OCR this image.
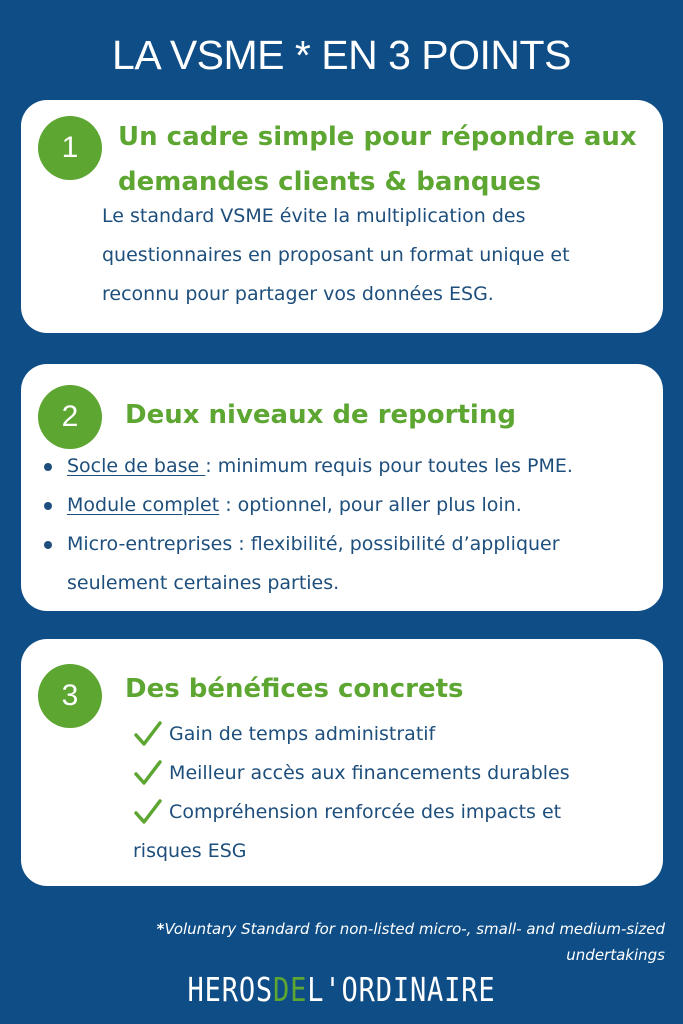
LA VSME * EN 3 POINTS
1	Un cadre simple pour répondre aux
demandes clients & banques
Le standard VSME évite la multiplication des questionnaires en proposant un format unique et reconnu pour partager vos données ESG.
2	Deux niveaux de reporting
Socle de base : minimum requis pour toutes les PME.
Module complet : optionnel, pour aller plus loin.
Micro-entreprises : flexibilité, possibilité d’appliquer seulement certaines parties.
3	Des bénéfices concrets
Gain de temps administratif
Meilleur accès aux financements durables
Compréhension renforcée des impacts et risques ESG
*Voluntary Standard for non-listed micro-, small- and medium-sized undertakings
HEROSDEL'ORDINAIRE
